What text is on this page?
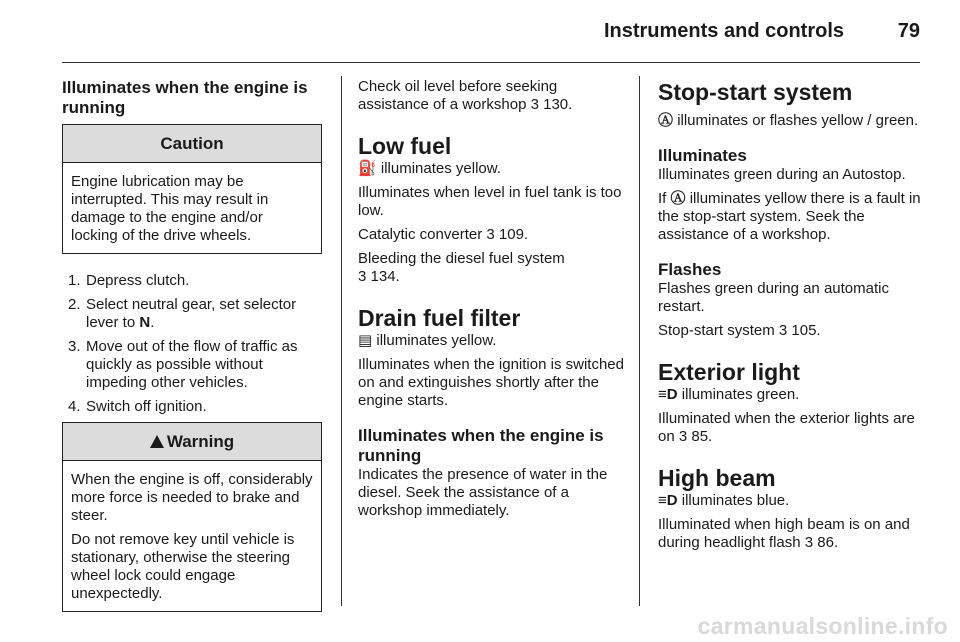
Instruments and controls	79
Illuminates when the engine is running
Caution

Engine lubrication may be interrupted. This may result in damage to the engine and/or locking of the drive wheels.

1. Depress clutch.
2. Select neutral gear, set selector lever to N.
3. Move out of the flow of traffic as quickly as possible without impeding other vehicles.
4. Switch off ignition.
!Warning

When the engine is off, considerably more force is needed to brake and steer.

Do not remove key until vehicle is stationary, otherwise the steering wheel lock could engage unexpectedly.

Check oil level before seeking assistance of a workshop 3 130.

Low fuel

⛽ illuminates yellow.

Illuminates when level in fuel tank is too low.

Catalytic converter 3 109.

Bleeding the diesel fuel system
3 134.

Drain fuel filter

▤ illuminates yellow.

Illuminates when the ignition is switched on and extinguishes shortly after the engine starts.

Illuminates when the engine is running

Indicates the presence of water in the diesel. Seek the assistance of a workshop immediately.

Stop-start system

Ⓐ illuminates or flashes yellow / green.

Illuminates

Illuminates green during an Autostop.

If Ⓐ illuminates yellow there is a fault in the stop-start system. Seek the assistance of a workshop.

Flashes

Flashes green during an automatic restart.

Stop-start system 3 105.

Exterior light

≡D illuminates green.

Illuminated when the exterior lights are on 3 85.

High beam

≡D illuminates blue.

Illuminated when high beam is on and during headlight flash 3 86.

carmanualsonline.info
